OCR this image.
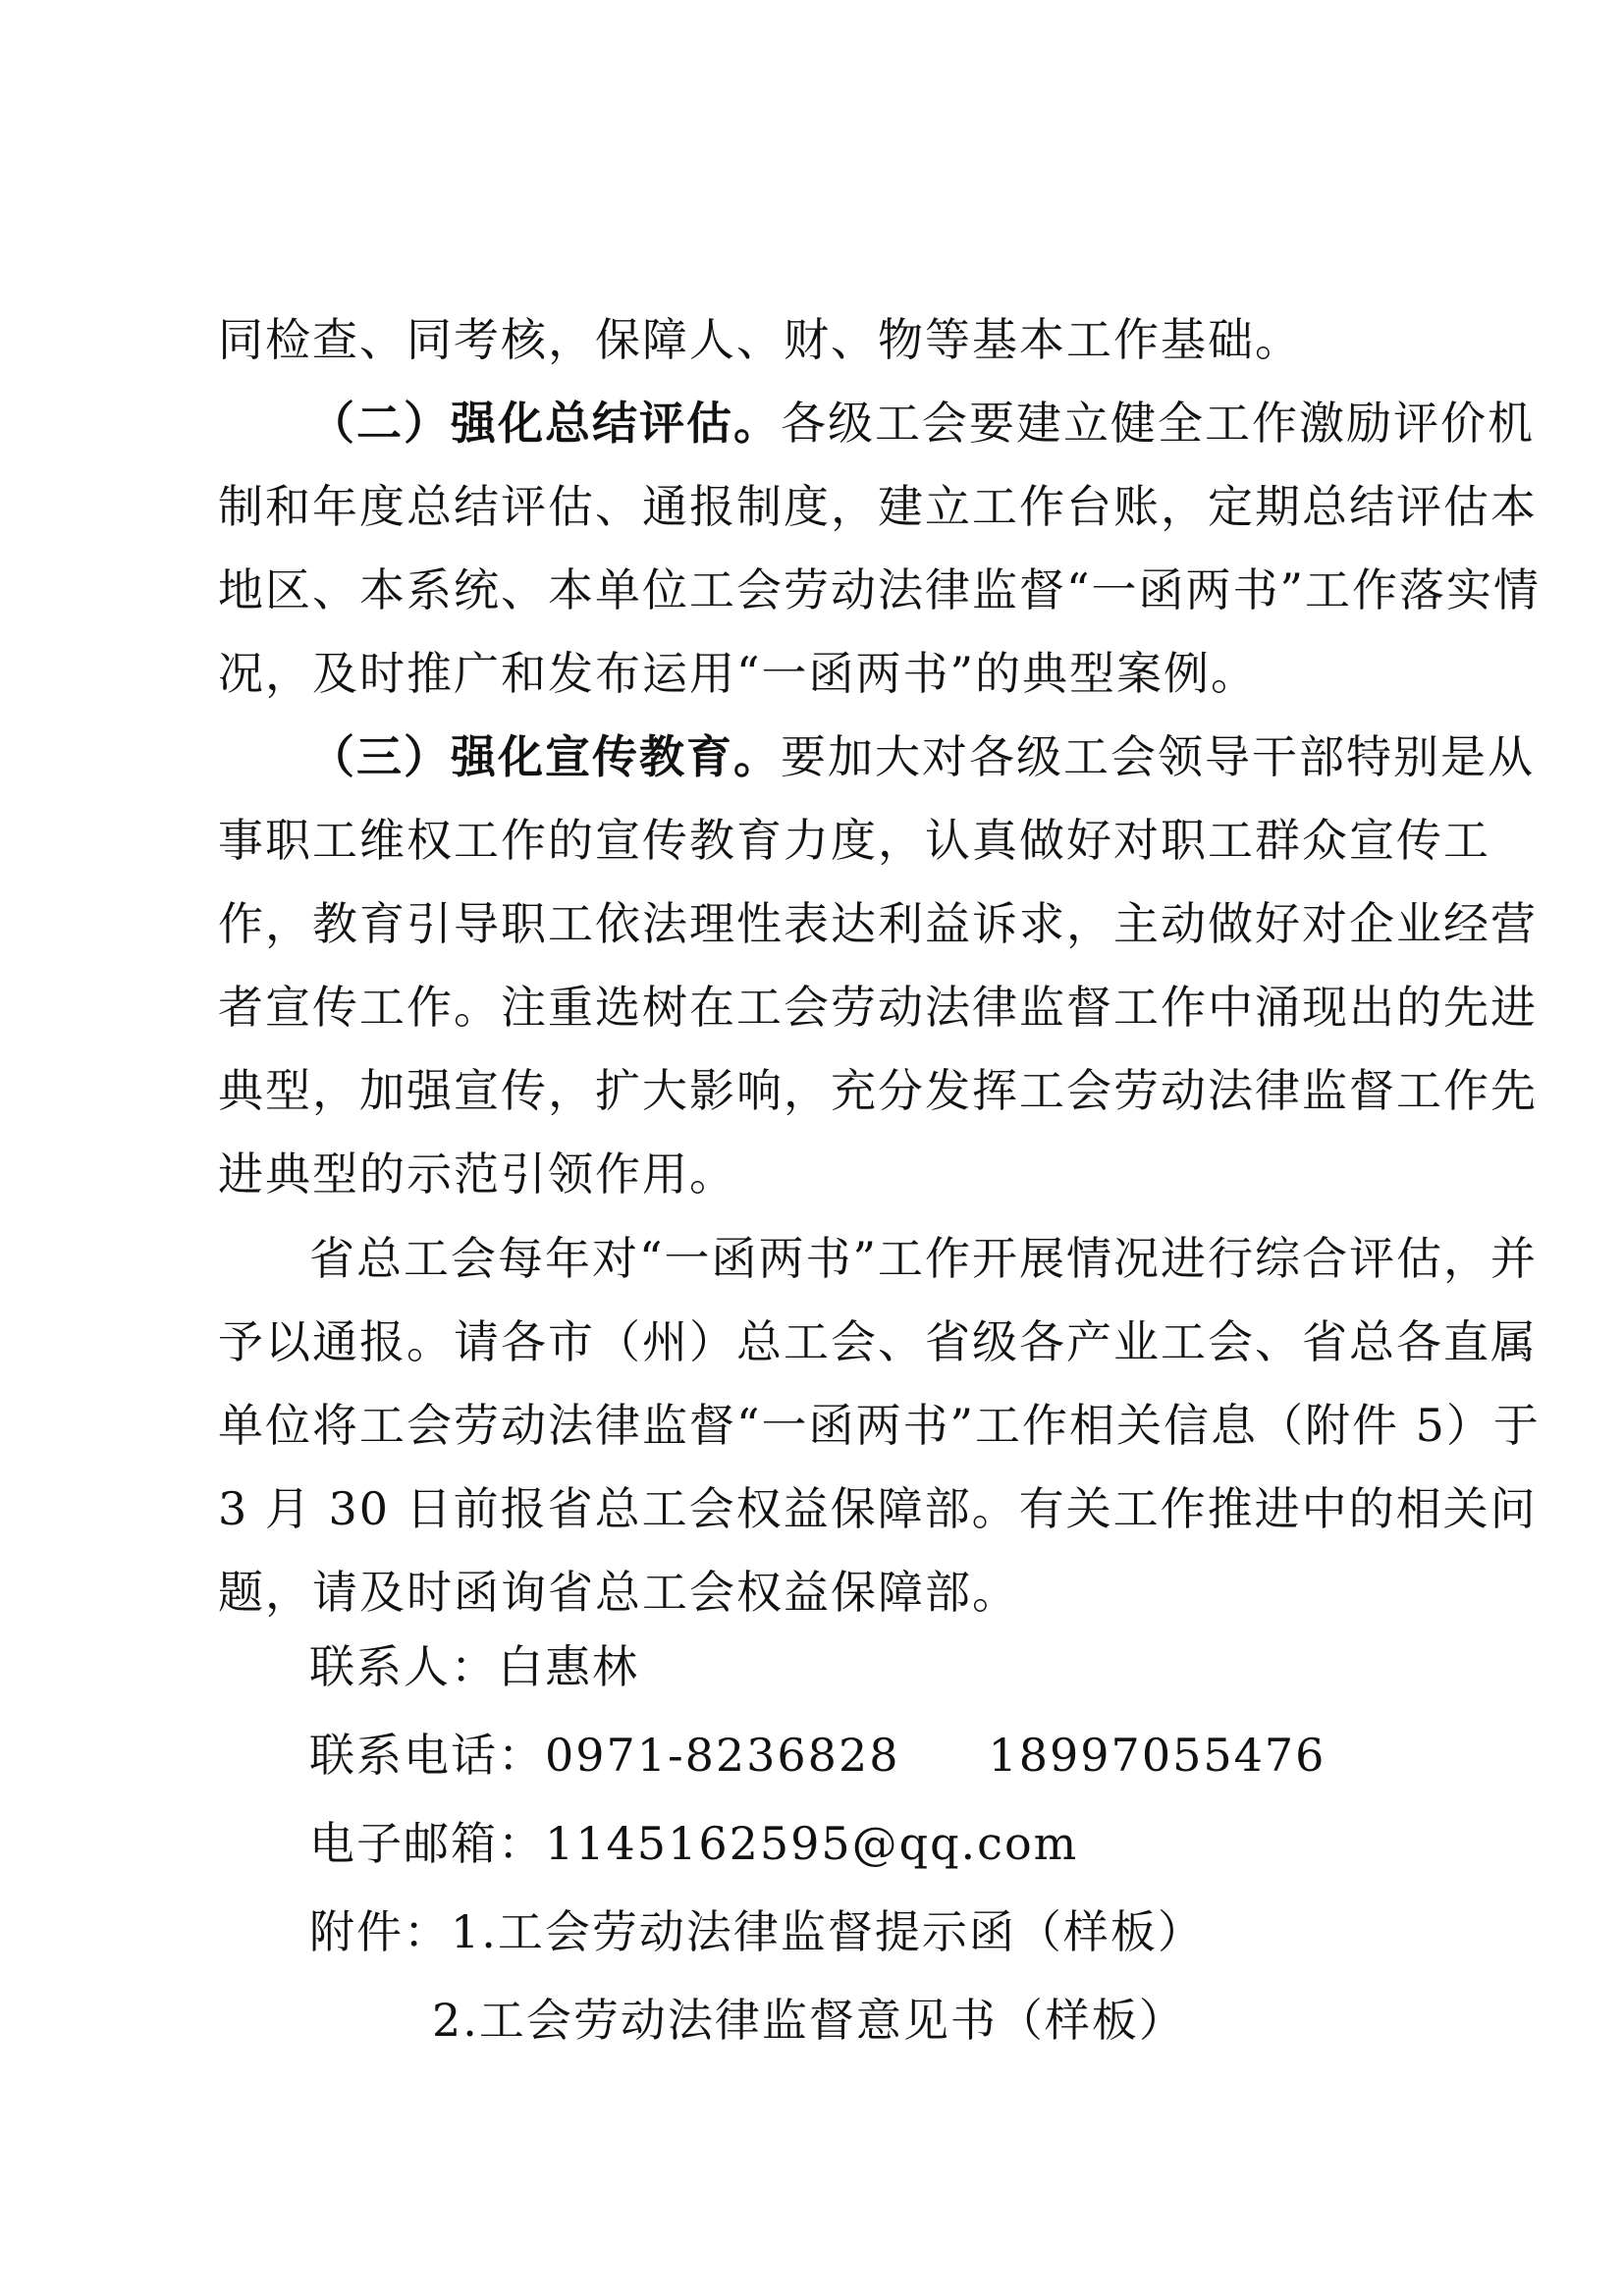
同检查、同考核，保障人、财、物等基本工作基础。
（二）强化总结评估。各级工会要建立健全工作激励评价机
制和年度总结评估、通报制度，建立工作台账，定期总结评估本
地区、本系统、本单位工会劳动法律监督“一函两书”工作落实情
况，及时推广和发布运用“一函两书”的典型案例。
（三）强化宣传教育。要加大对各级工会领导干部特别是从
事职工维权工作的宣传教育力度，认真做好对职工群众宣传工
作，教育引导职工依法理性表达利益诉求，主动做好对企业经营
者宣传工作。注重选树在工会劳动法律监督工作中涌现出的先进
典型，加强宣传，扩大影响，充分发挥工会劳动法律监督工作先
进典型的示范引领作用。
省总工会每年对“一函两书”工作开展情况进行综合评估，并
予以通报。请各市（州）总工会、省级各产业工会、省总各直属
单位将工会劳动法律监督“一函两书”工作相关信息（附件 5）于
3 月 30 日前报省总工会权益保障部。有关工作推进中的相关问
题，请及时函询省总工会权益保障部。
联系人：白惠林
联系电话：0971-8236828 18997055476
电子邮箱：1145162595@qq.com
附件：1.工会劳动法律监督提示函（样板）
2.工会劳动法律监督意见书（样板）
